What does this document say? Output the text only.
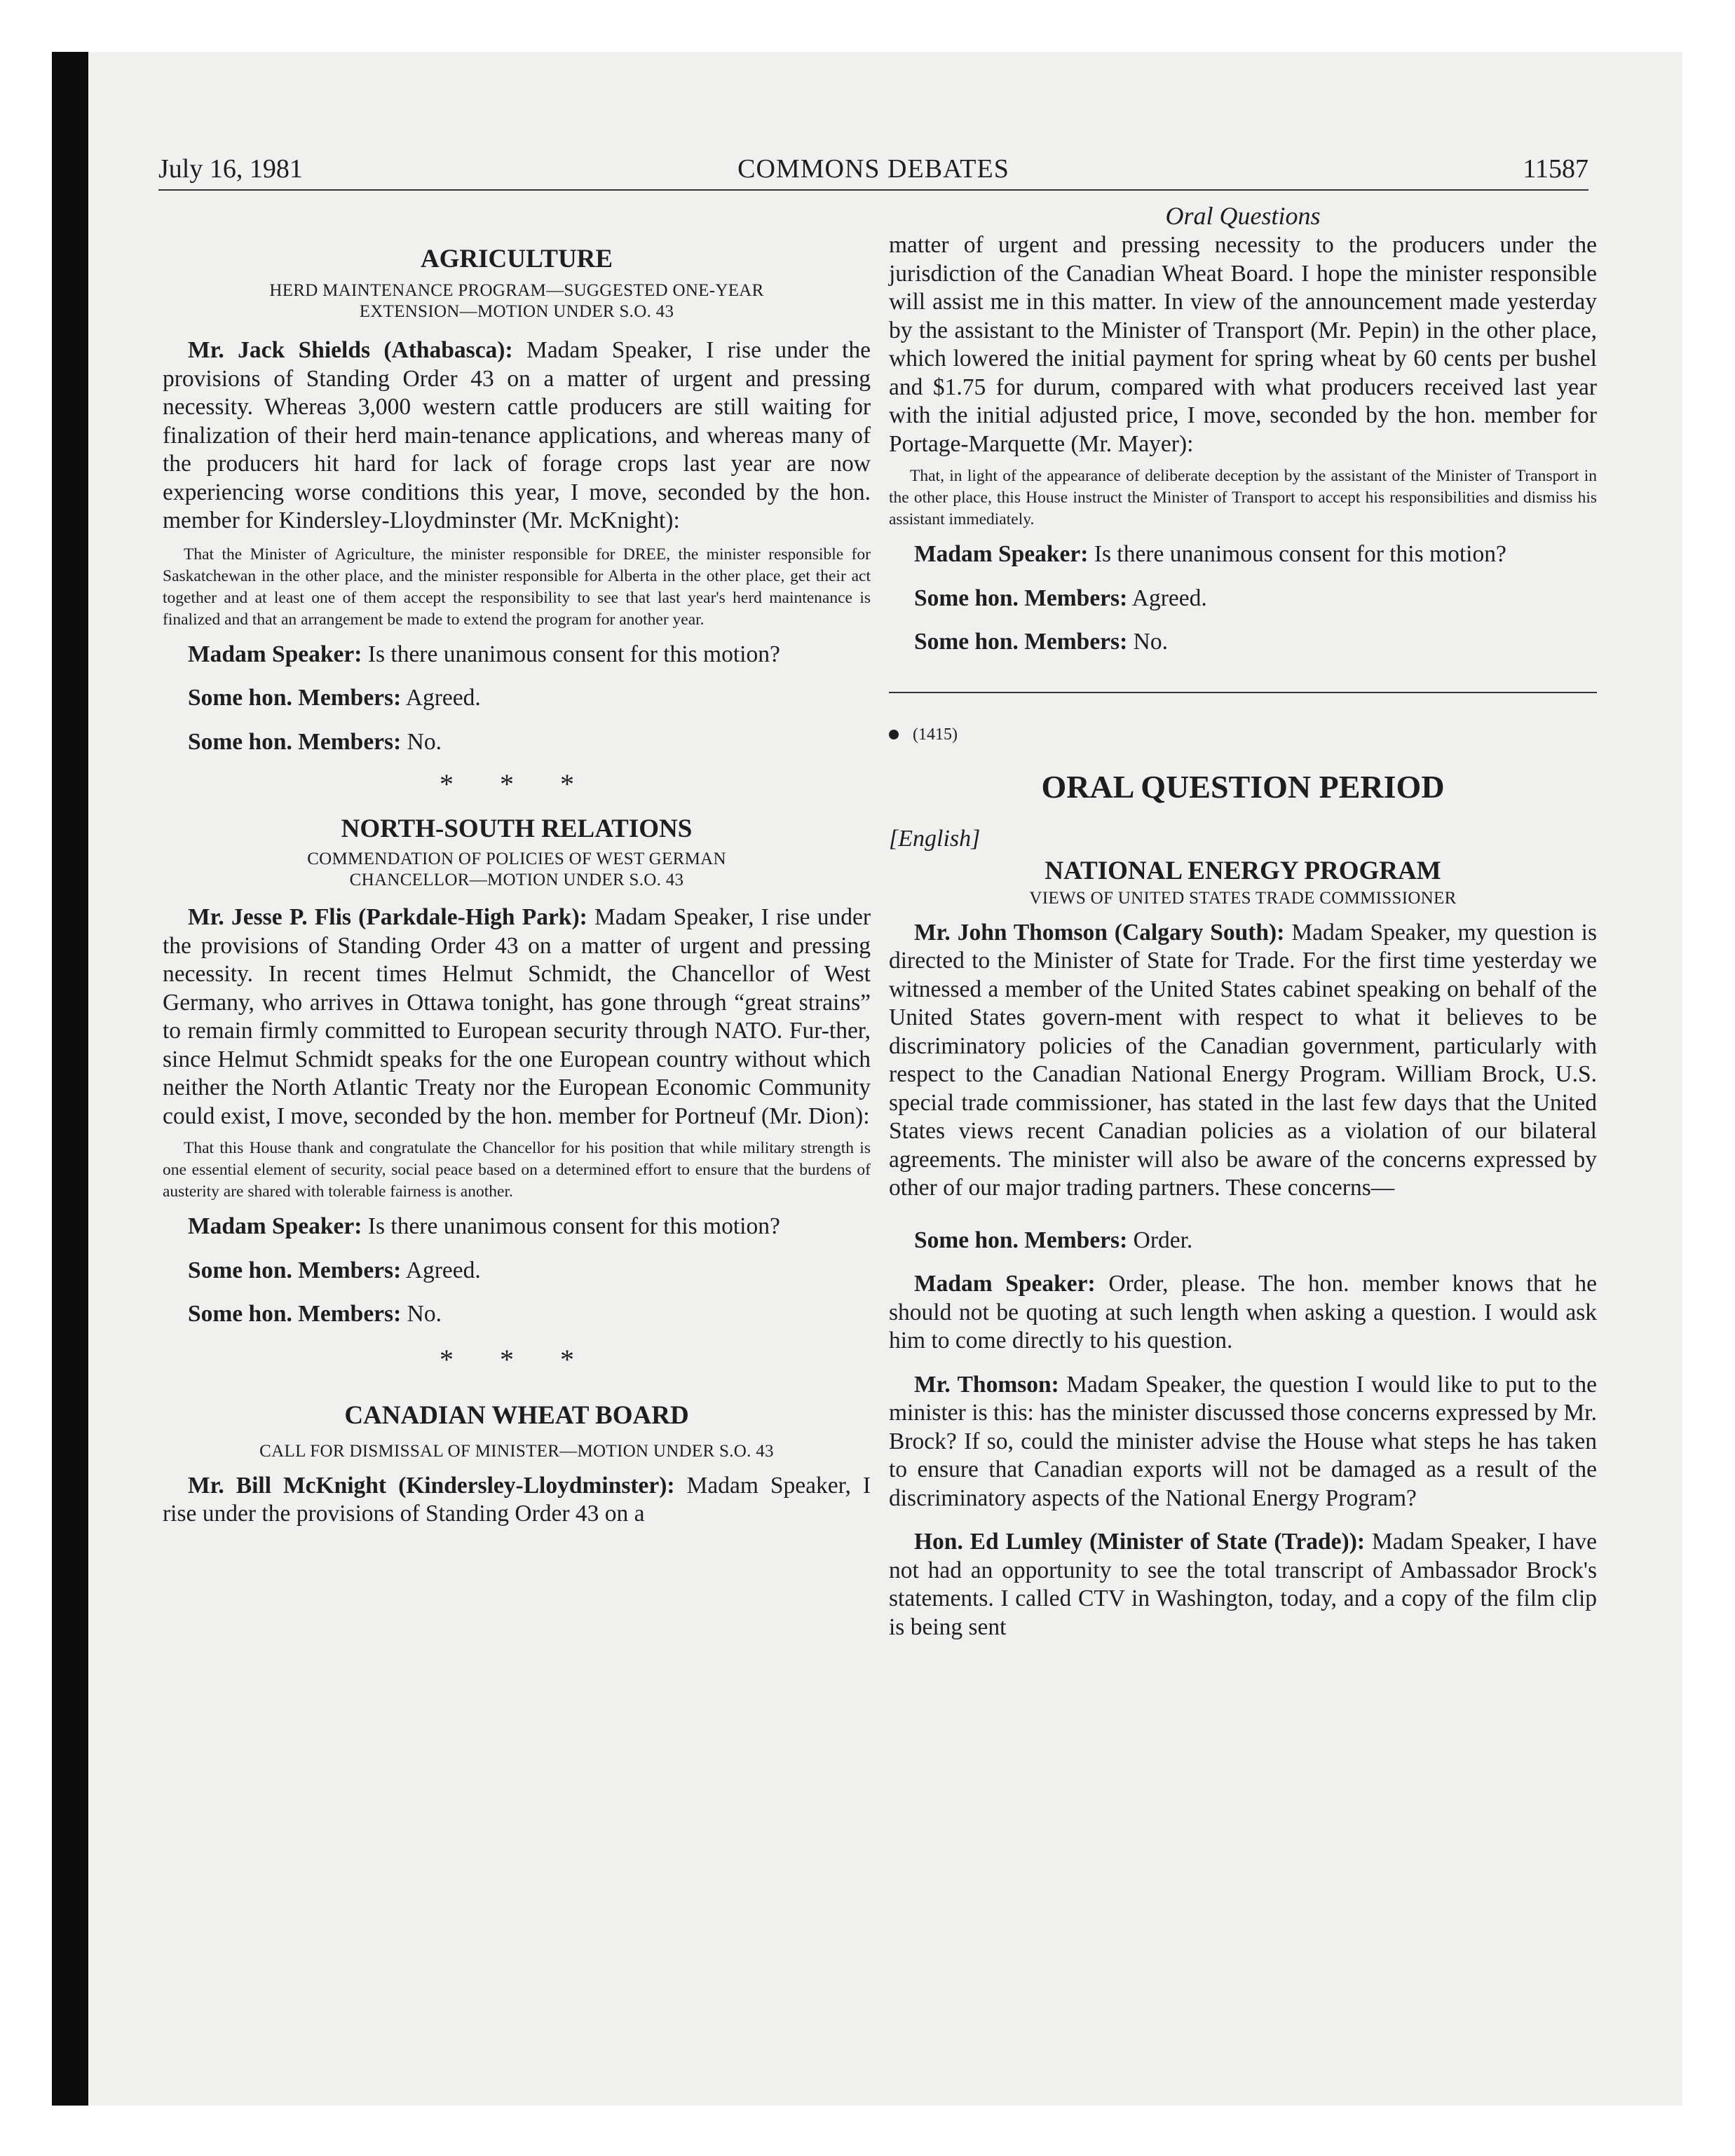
July 16, 1981	COMMONS DEBATES	11587

AGRICULTURE

HERD MAINTENANCE PROGRAM—SUGGESTED ONE-YEAR

EXTENSION—MOTION UNDER S.O. 43

Mr. Jack Shields (Athabasca): Madam Speaker, I rise under the provisions of Standing Order 43 on a matter of urgent and pressing necessity. Whereas 3,000 western cattle producers are still waiting for finalization of their herd main-tenance applications, and whereas many of the producers hit hard for lack of forage crops last year are now experiencing worse conditions this year, I move, seconded by the hon. member for Kindersley-Lloydminster (Mr. McKnight):

That the Minister of Agriculture, the minister responsible for DREE, the minister responsible for Saskatchewan in the other place, and the minister responsible for Alberta in the other place, get their act together and at least one of them accept the responsibility to see that last year's herd maintenance is finalized and that an arrangement be made to extend the program for another year.

Madam Speaker: Is there unanimous consent for this motion?

Some hon. Members: Agreed.

Some hon. Members: No.

* * *

NORTH-SOUTH RELATIONS

COMMENDATION OF POLICIES OF WEST GERMAN

CHANCELLOR—MOTION UNDER S.O. 43

Mr. Jesse P. Flis (Parkdale-High Park): Madam Speaker, I rise under the provisions of Standing Order 43 on a matter of urgent and pressing necessity. In recent times Helmut Schmidt, the Chancellor of West Germany, who arrives in Ottawa tonight, has gone through “great strains” to remain firmly committed to European security through NATO. Fur-ther, since Helmut Schmidt speaks for the one European country without which neither the North Atlantic Treaty nor the European Economic Community could exist, I move, seconded by the hon. member for Portneuf (Mr. Dion):

That this House thank and congratulate the Chancellor for his position that while military strength is one essential element of security, social peace based on a determined effort to ensure that the burdens of austerity are shared with tolerable fairness is another.

Madam Speaker: Is there unanimous consent for this motion?

Some hon. Members: Agreed.

Some hon. Members: No.

* * *

CANADIAN WHEAT BOARD

CALL FOR DISMISSAL OF MINISTER—MOTION UNDER S.O. 43

Mr. Bill McKnight (Kindersley-Lloydminster): Madam Speaker, I rise under the provisions of Standing Order 43 on a

Oral Questions

matter of urgent and pressing necessity to the producers under the jurisdiction of the Canadian Wheat Board. I hope the minister responsible will assist me in this matter. In view of the announcement made yesterday by the assistant to the Minister of Transport (Mr. Pepin) in the other place, which lowered the initial payment for spring wheat by 60 cents per bushel and $1.75 for durum, compared with what producers received last year with the initial adjusted price, I move, seconded by the hon. member for Portage-Marquette (Mr. Mayer):

That, in light of the appearance of deliberate deception by the assistant of the Minister of Transport in the other place, this House instruct the Minister of Transport to accept his responsibilities and dismiss his assistant immediately.

Madam Speaker: Is there unanimous consent for this motion?

Some hon. Members: Agreed.

Some hon. Members: No.

(1415)

ORAL QUESTION PERIOD

[English]

NATIONAL ENERGY PROGRAM

VIEWS OF UNITED STATES TRADE COMMISSIONER

Mr. John Thomson (Calgary South): Madam Speaker, my question is directed to the Minister of State for Trade. For the first time yesterday we witnessed a member of the United States cabinet speaking on behalf of the United States govern-ment with respect to what it believes to be discriminatory policies of the Canadian government, particularly with respect to the Canadian National Energy Program. William Brock, U.S. special trade commissioner, has stated in the last few days that the United States views recent Canadian policies as a violation of our bilateral agreements. The minister will also be aware of the concerns expressed by other of our major trading partners. These concerns—

Some hon. Members: Order.

Madam Speaker: Order, please. The hon. member knows that he should not be quoting at such length when asking a question. I would ask him to come directly to his question.

Mr. Thomson: Madam Speaker, the question I would like to put to the minister is this: has the minister discussed those concerns expressed by Mr. Brock? If so, could the minister advise the House what steps he has taken to ensure that Canadian exports will not be damaged as a result of the discriminatory aspects of the National Energy Program?

Hon. Ed Lumley (Minister of State (Trade)): Madam Speaker, I have not had an opportunity to see the total transcript of Ambassador Brock's statements. I called CTV in Washington, today, and a copy of the film clip is being sent
